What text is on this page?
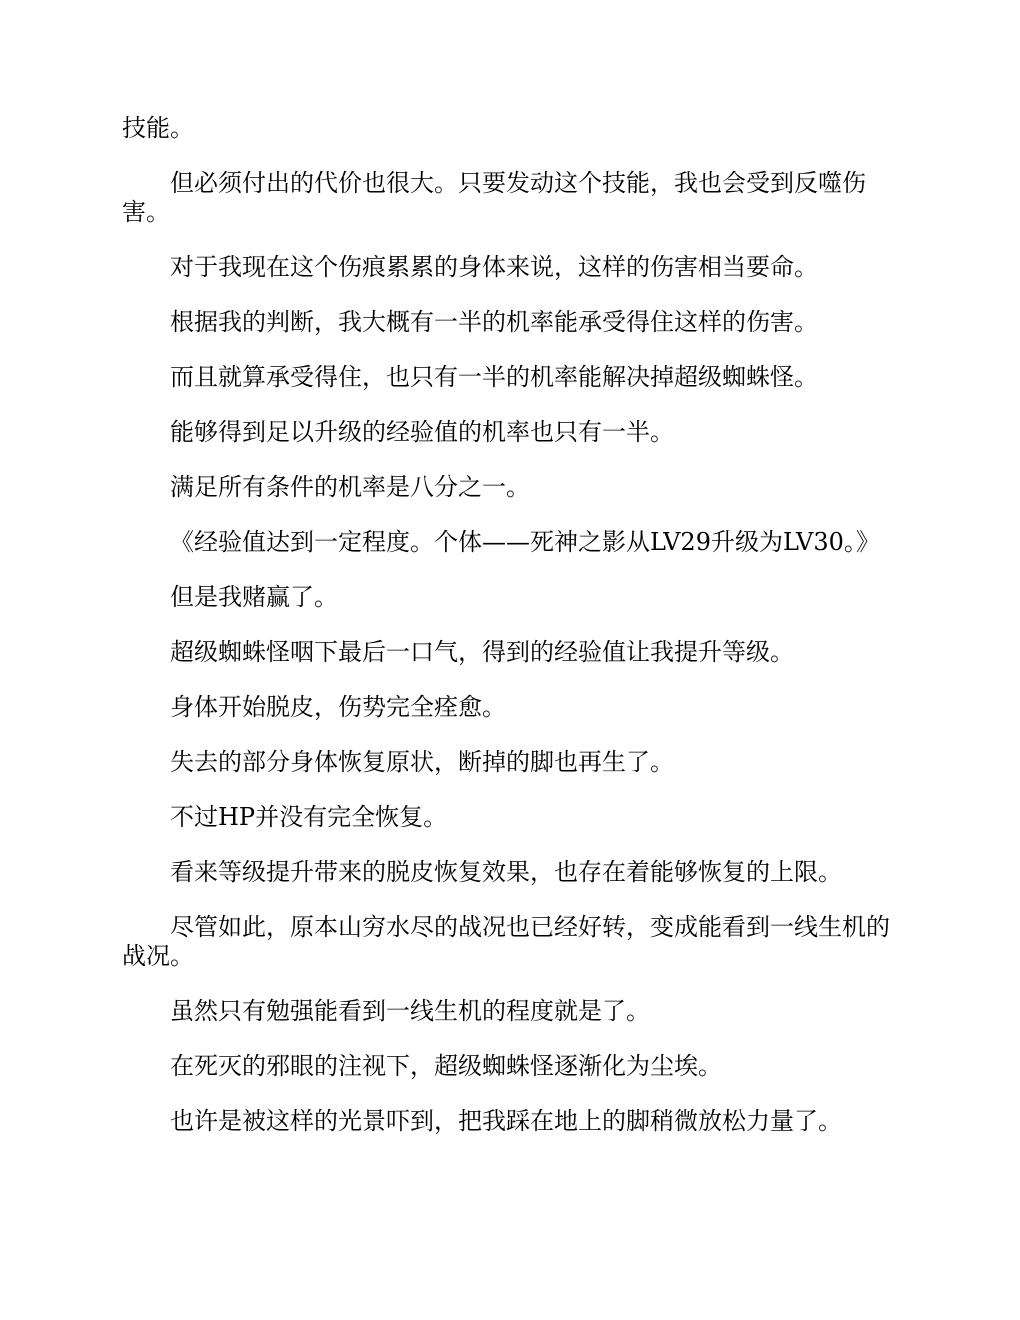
技能。

但必须付出的代价也很大。只要发动这个技能，我也会受到反噬伤害。

对于我现在这个伤痕累累的身体来说，这样的伤害相当要命。

根据我的判断，我大概有一半的机率能承受得住这样的伤害。

而且就算承受得住，也只有一半的机率能解决掉超级蜘蛛怪。

能够得到足以升级的经验值的机率也只有一半。

满足所有条件的机率是八分之一。

《经验值达到一定程度。个体——死神之影从LV29升级为LV30。》

但是我赌赢了。

超级蜘蛛怪咽下最后一口气，得到的经验值让我提升等级。

身体开始脱皮，伤势完全痊愈。

失去的部分身体恢复原状，断掉的脚也再生了。

不过HP并没有完全恢复。

看来等级提升带来的脱皮恢复效果，也存在着能够恢复的上限。

尽管如此，原本山穷水尽的战况也已经好转，变成能看到一线生机的战况。

虽然只有勉强能看到一线生机的程度就是了。

在死灭的邪眼的注视下，超级蜘蛛怪逐渐化为尘埃。

也许是被这样的光景吓到，把我踩在地上的脚稍微放松力量了。
